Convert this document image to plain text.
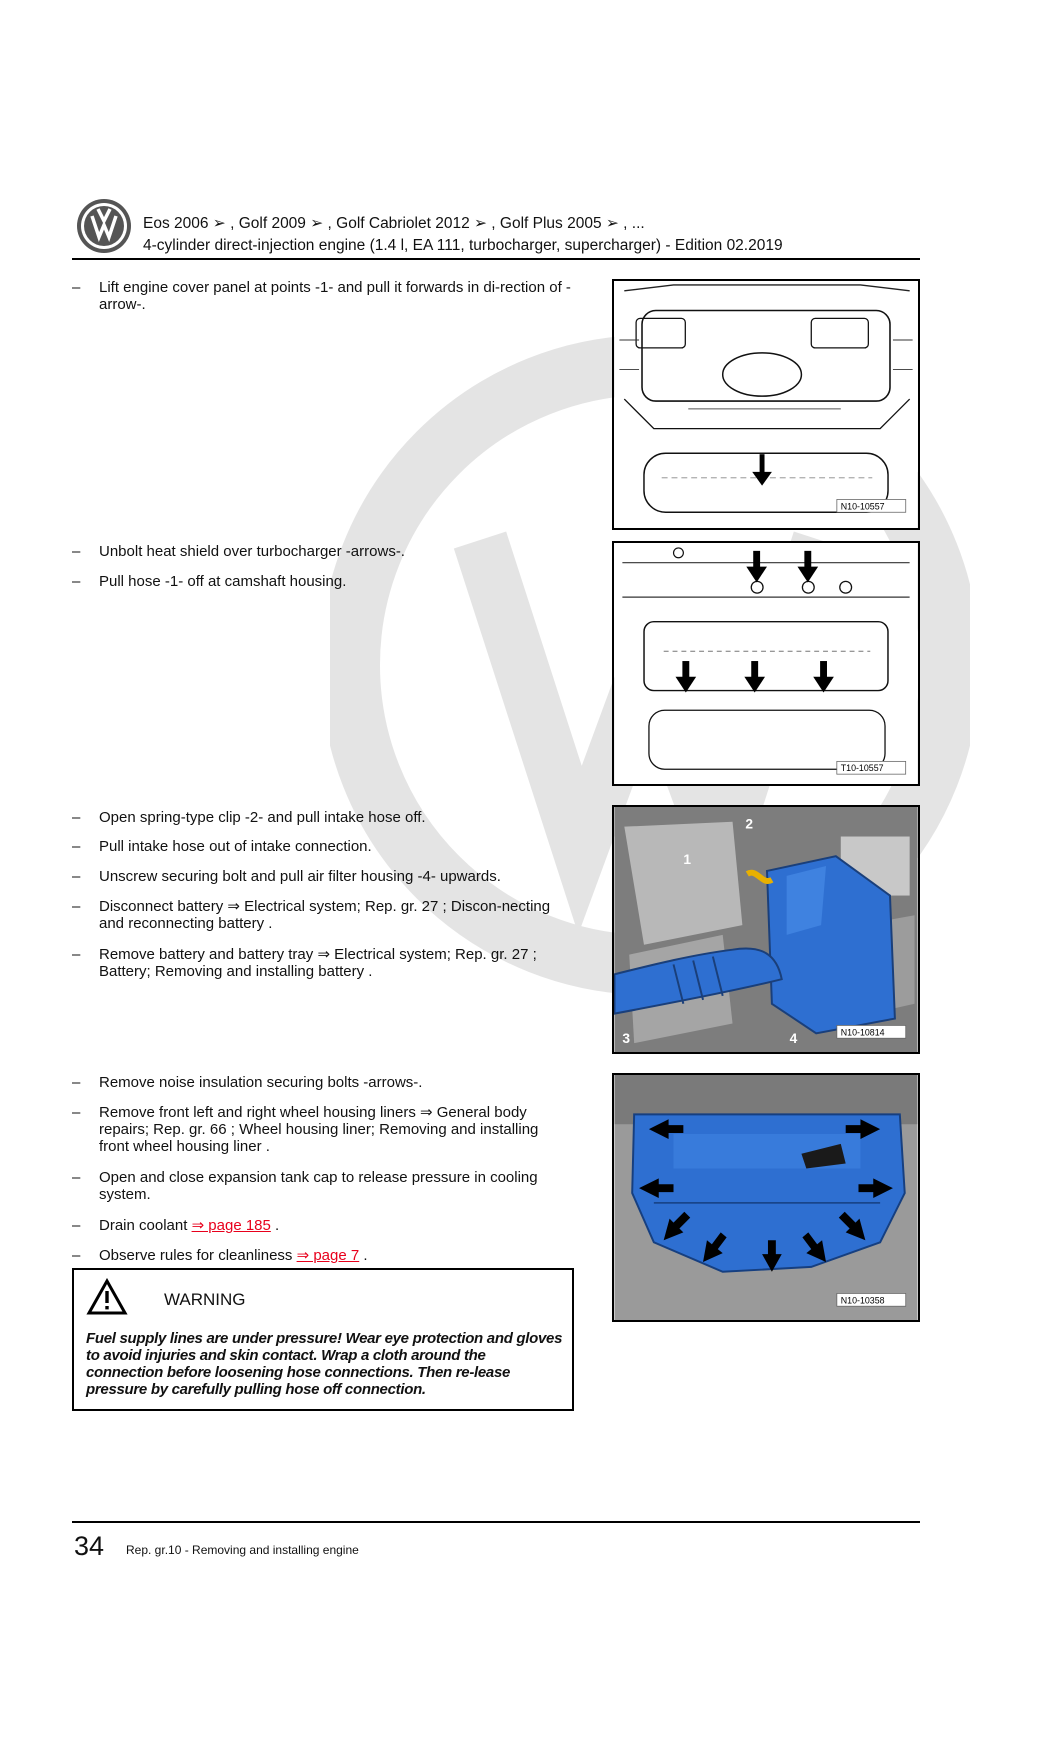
Eos 2006 ➢ , Golf 2009 ➢ , Golf Cabriolet 2012 ➢ , Golf Plus 2005 ➢ , ...
4-cylinder direct-injection engine (1.4 l, EA 111, turbocharger, supercharger) - Edition 02.2019
– Lift engine cover panel at points -1- and pull it forwards in di-rection of -arrow-.
– Unbolt heat shield over turbocharger -arrows-.
– Pull hose -1- off at camshaft housing.
– Open spring-type clip -2- and pull intake hose off.
– Pull intake hose out of intake connection.
– Unscrew securing bolt and pull air filter housing -4- upwards.
– Disconnect battery ⇒ Electrical system; Rep. gr. 27 ; Discon-necting and reconnecting battery .
– Remove battery and battery tray ⇒ Electrical system; Rep. gr. 27 ; Battery; Removing and installing battery .
– Remove noise insulation securing bolts -arrows-.
– Remove front left and right wheel housing liners ⇒ General body repairs; Rep. gr. 66 ; Wheel housing liner; Removing and installing front wheel housing liner .
– Open and close expansion tank cap to release pressure in cooling system.
– Drain coolant ⇒ page 185 .
– Observe rules for cleanliness ⇒ page 7 .
WARNING
Fuel supply lines are under pressure! Wear eye protection and gloves to avoid injuries and skin contact. Wrap a cloth around the connection before loosening hose connections. Then re-lease pressure by carefully pulling hose off connection.
N10-10557
T10-10557
1
2
3	4	N10-10814
N10-10358
34 Rep. gr.10 - Removing and installing engine
